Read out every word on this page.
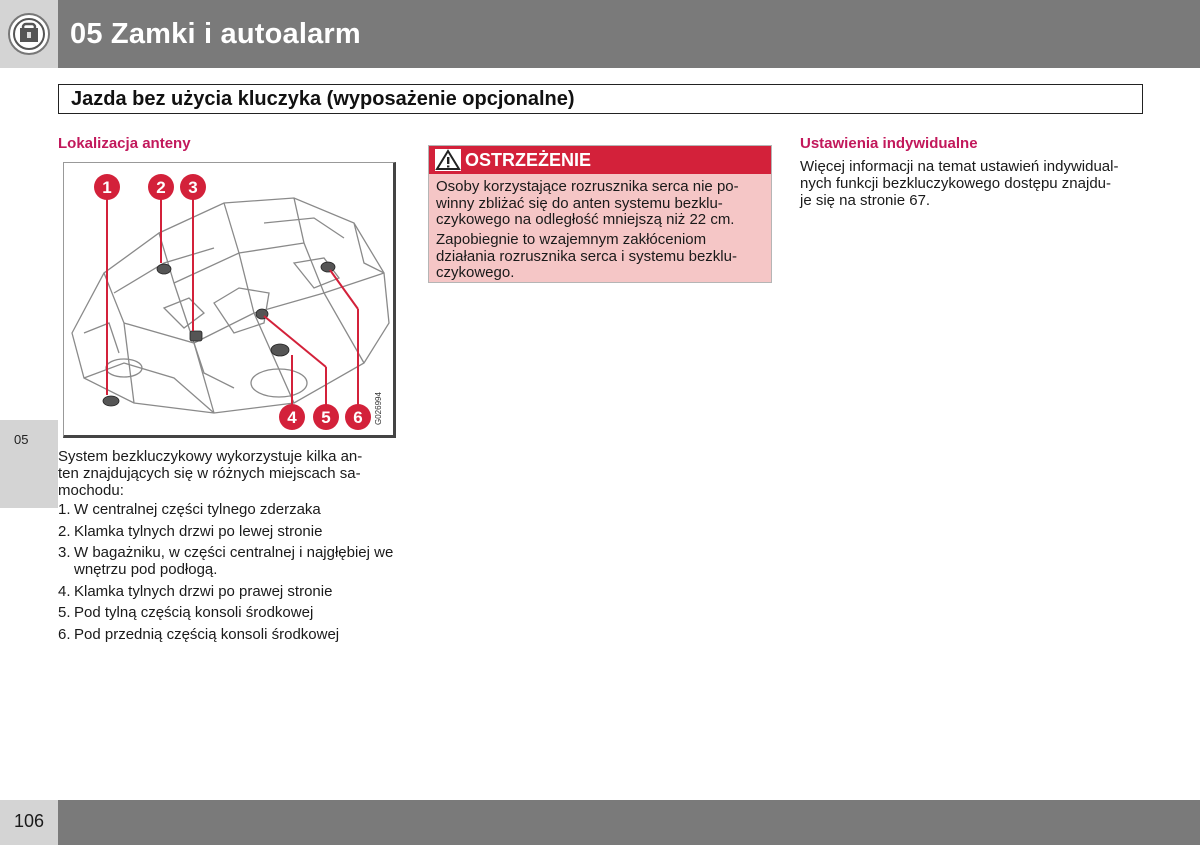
05 Zamki i autoalarm
Jazda bez użycia kluczyka (wyposażenie opcjonalne)
05
Lokalizacja anteny
1	2 3
4 5 6 G026994
System bezkluczykowy wykorzystuje kilka an-
ten znajdujących się w różnych miejscach sa-
mochodu:
1. W centralnej części tylnego zderzaka
2. Klamka tylnych drzwi po lewej stronie
3. W bagażniku, w części centralnej i najgłębiej we wnętrzu pod podłogą.
4. Klamka tylnych drzwi po prawej stronie
5. Pod tylną częścią konsoli środkowej
6. Pod przednią częścią konsoli środkowej
OSTRZEŻENIE
Osoby korzystające rozrusznika serca nie po-
winny zbliżać się do anten systemu bezklu-
czykowego na odległość mniejszą niż 22 cm.
Zapobiegnie to wzajemnym zakłóceniom
działania rozrusznika serca i systemu bezklu-
czykowego.
Ustawienia indywidualne
Więcej informacji na temat ustawień indywidual-
nych funkcji bezkluczykowego dostępu znajdu-
je się na stronie 67.
106
